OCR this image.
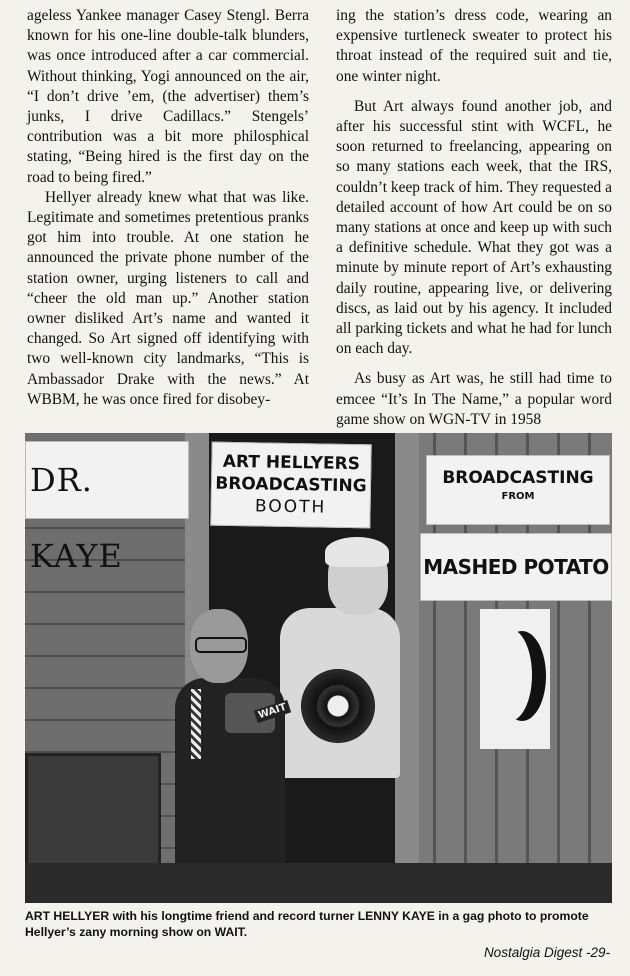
ageless Yankee manager Casey Stengl. Berra known for his one-line double-talk blunders, was once introduced after a car commercial. Without thinking, Yogi announced on the air, “I don’t drive ’em, (the advertiser) them’s junks, I drive Cadillacs.” Stengels’ contribution was a bit more philosphical stating, “Being hired is the first day on the road to being fired.”

Hellyer already knew what that was like. Legitimate and sometimes pretentious pranks got him into trouble. At one station he announced the private phone number of the station owner, urging listeners to call and “cheer the old man up.” Another station owner disliked Art’s name and wanted it changed. So Art signed off identifying with two well-known city landmarks, “This is Ambassador Drake with the news.” At WBBM, he was once fired for disobey-

ing the station’s dress code, wearing an expensive turtleneck sweater to protect his throat instead of the required suit and tie, one winter night.

But Art always found another job, and after his successful stint with WCFL, he soon returned to freelancing, appearing on so many stations each week, that the IRS, couldn’t keep track of him. They requested a detailed account of how Art could be on so many stations at once and keep up with such a definitive schedule. What they got was a minute by minute report of Art’s exhausting daily routine, appearing live, or delivering discs, as laid out by his agency. It included all parking tickets and what he had for lunch on each day.

As busy as Art was, he still had time to emcee “It’s In The Name,” a popular word game show on WGN-TV in 1958

DR. KAYE
ART HELLYERS
BROADCASTING
BOOTH
BROADCASTING
FROM
MASHED POTATO
WAIT
ART HELLYER with his longtime friend and record turner LENNY KAYE in a gag photo to promote Hellyer’s zany morning show on WAIT.
Nostalgia Digest -29-
